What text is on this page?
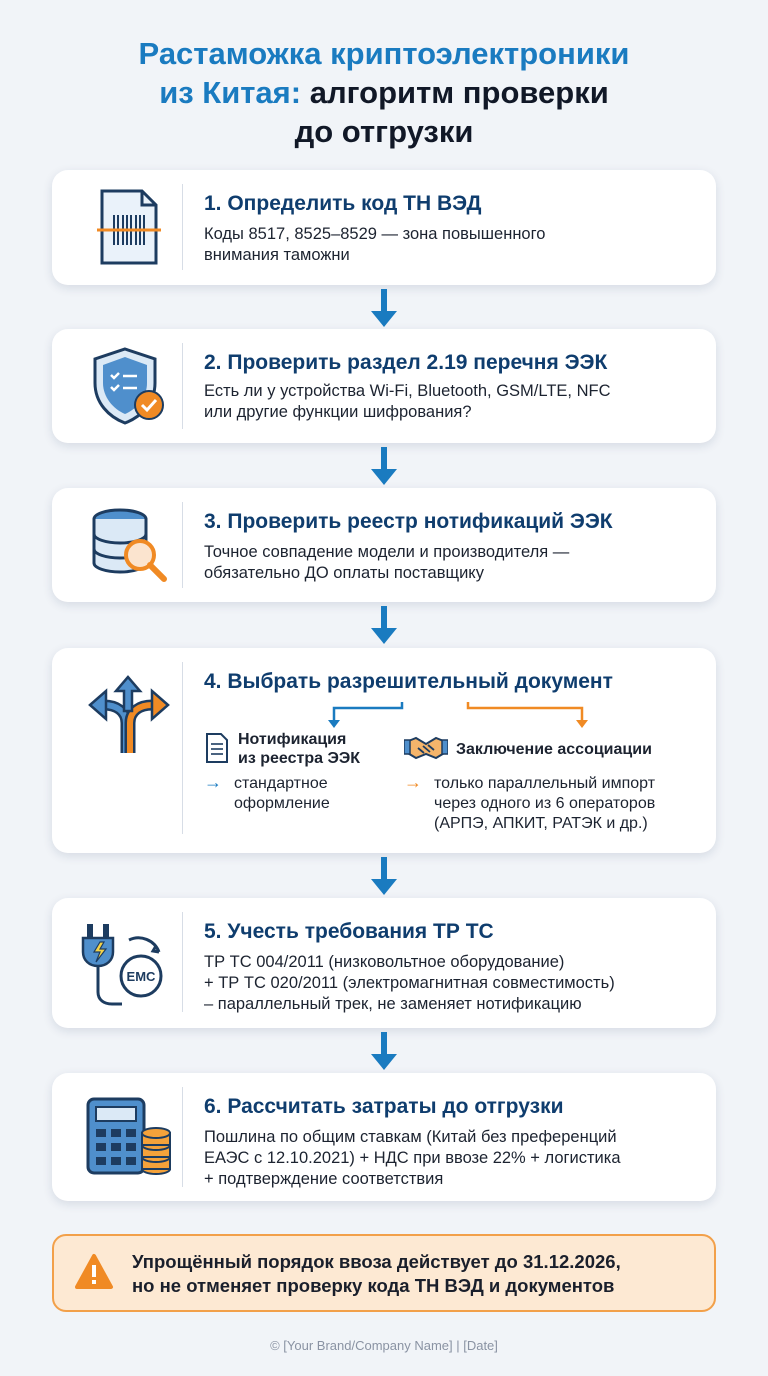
Растаможка криптоэлектроники
из Китая: алгоритм проверки
до отгрузки
1. Определить код ТН ВЭД
Коды 8517, 8525–8529 — зона повышенного
внимания таможни
2. Проверить раздел 2.19 перечня ЭЭК
Есть ли у устройства Wi-Fi, Bluetooth, GSM/LTE, NFC
или другие функции шифрования?
3. Проверить реестр нотификаций ЭЭК
Точное совпадение модели и производителя —
обязательно ДО оплаты поставщику
4. Выбрать разрешительный документ
Нотификация
из реестра ЭЭК
→ стандартное
оформление
Заключение ассоциации
→ только параллельный импорт
через одного из 6 операторов
(АРПЭ, АПКИТ, РАТЭК и др.)
EMC
5. Учесть требования ТР ТС
ТР ТС 004/2011 (низковольтное оборудование)
+ ТР ТС 020/2011 (электромагнитная совместимость)
– параллельный трек, не заменяет нотификацию
6. Рассчитать затраты до отгрузки
Пошлина по общим ставкам (Китай без преференций
ЕАЭС с 12.10.2021) + НДС при ввозе 22% + логистика
+ подтверждение соответствия
Упрощённый порядок ввоза действует до 31.12.2026,
но не отменяет проверку кода ТН ВЭД и документов
© [Your Brand/Company Name] | [Date]
